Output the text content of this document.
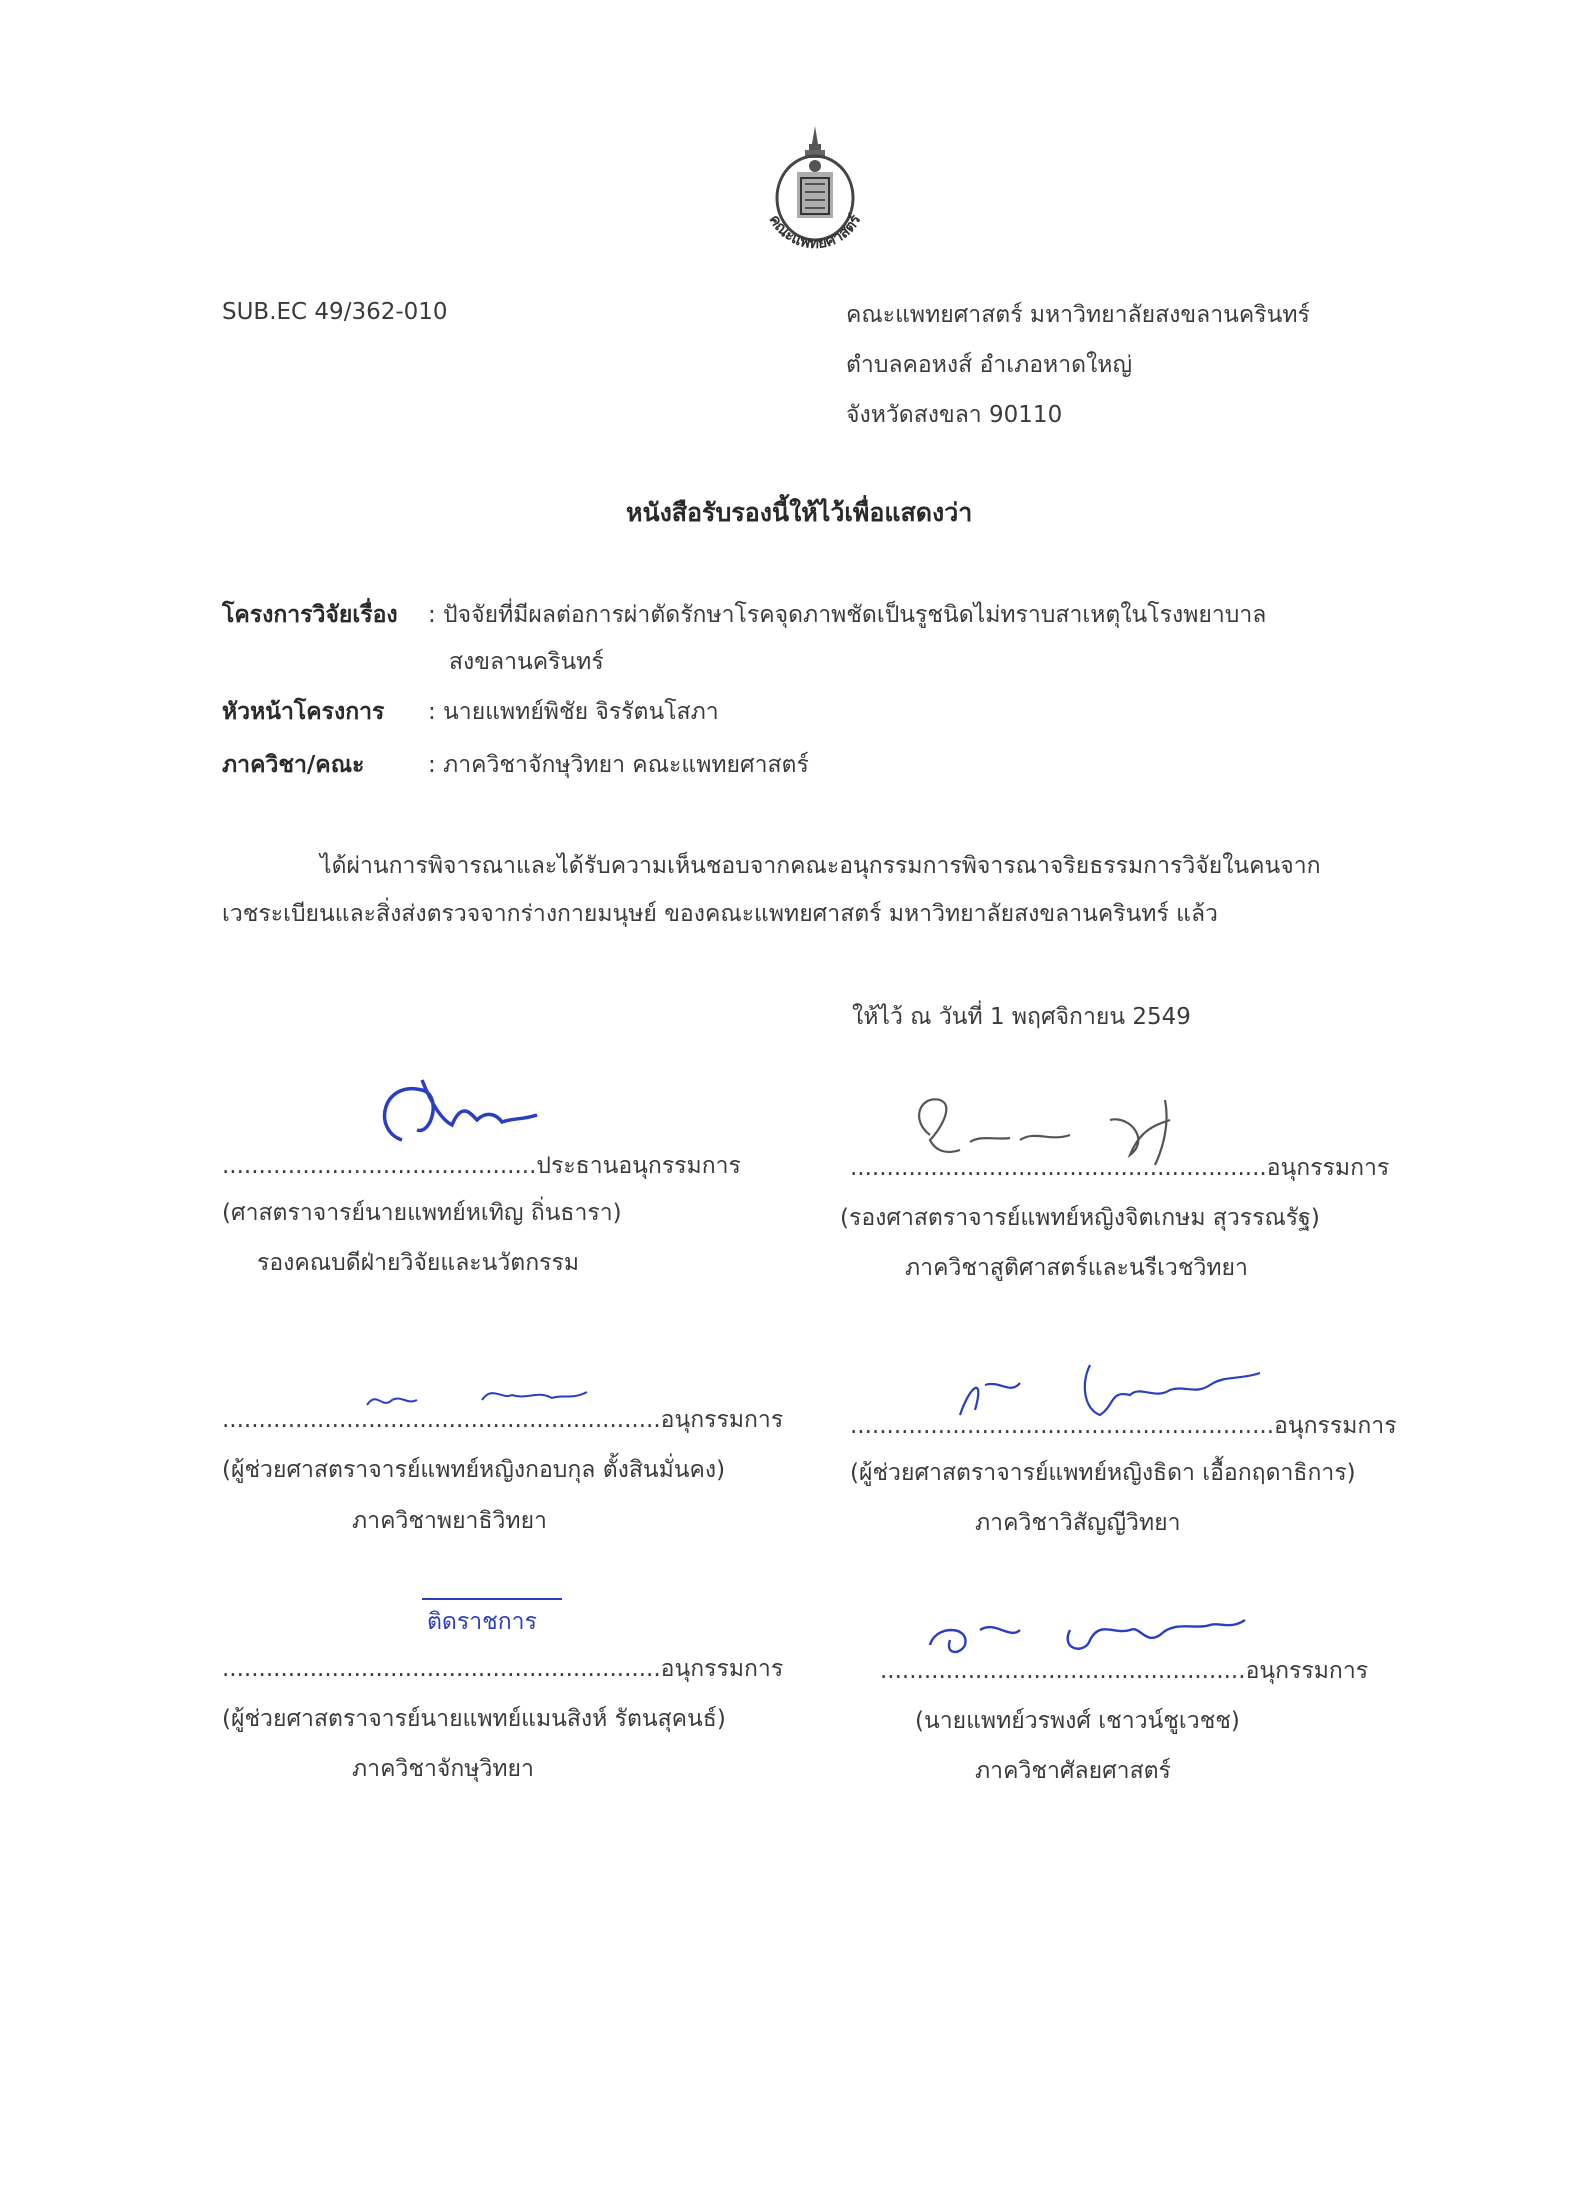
คณะแพทยศาสตร์
SUB.EC 49/362-010	คณะแพทยศาสตร์ มหาวิทยาลัยสงขลานครินทร์
ตำบลคอหงส์ อำเภอหาดใหญ่
จังหวัดสงขลา 90110
หนังสือรับรองนี้ให้ไว้เพื่อแสดงว่า
โครงการวิจัยเรื่อง : ปัจจัยที่มีผลต่อการผ่าตัดรักษาโรคจุดภาพชัดเป็นรูชนิดไม่ทราบสาเหตุในโรงพยาบาล
สงขลานครินทร์
หัวหน้าโครงการ : นายแพทย์พิชัย จิรรัตนโสภา
ภาควิชา/คณะ	: ภาควิชาจักษุวิทยา คณะแพทยศาสตร์
ได้ผ่านการพิจารณาและได้รับความเห็นชอบจากคณะอนุกรรมการพิจารณาจริยธรรมการวิจัยในคนจาก
เวชระเบียนและสิ่งส่งตรวจจากร่างกายมนุษย์ ของคณะแพทยศาสตร์ มหาวิทยาลัยสงขลานครินทร์ แล้ว
ให้ไว้ ณ วันที่ 1 พฤศจิกายน 2549
...........................................ประธานอนุกรรมการ
(ศาสตราจารย์นายแพทย์หเทิญ ถิ่นธารา)
รองคณบดีฝ่ายวิจัยและนวัตกรรม
.........................................................อนุกรรมการ
(รองศาสตราจารย์แพทย์หญิงจิตเกษม สุวรรณรัฐ)
ภาควิชาสูติศาสตร์และนรีเวชวิทยา
............................................................อนุกรรมการ
(ผู้ช่วยศาสตราจารย์แพทย์หญิงกอบกุล ตั้งสินมั่นคง)
ภาควิชาพยาธิวิทยา
..........................................................อนุกรรมการ
(ผู้ช่วยศาสตราจารย์แพทย์หญิงธิดา เอื้อกฤดาธิการ)
ภาควิชาวิสัญญีวิทยา
ติดราชการ
............................................................อนุกรรมการ
(ผู้ช่วยศาสตราจารย์นายแพทย์แมนสิงห์ รัตนสุคนธ์)
ภาควิชาจักษุวิทยา
..................................................อนุกรรมการ
(นายแพทย์วรพงศ์ เชาวน์ชูเวชช)
ภาควิชาศัลยศาสตร์
